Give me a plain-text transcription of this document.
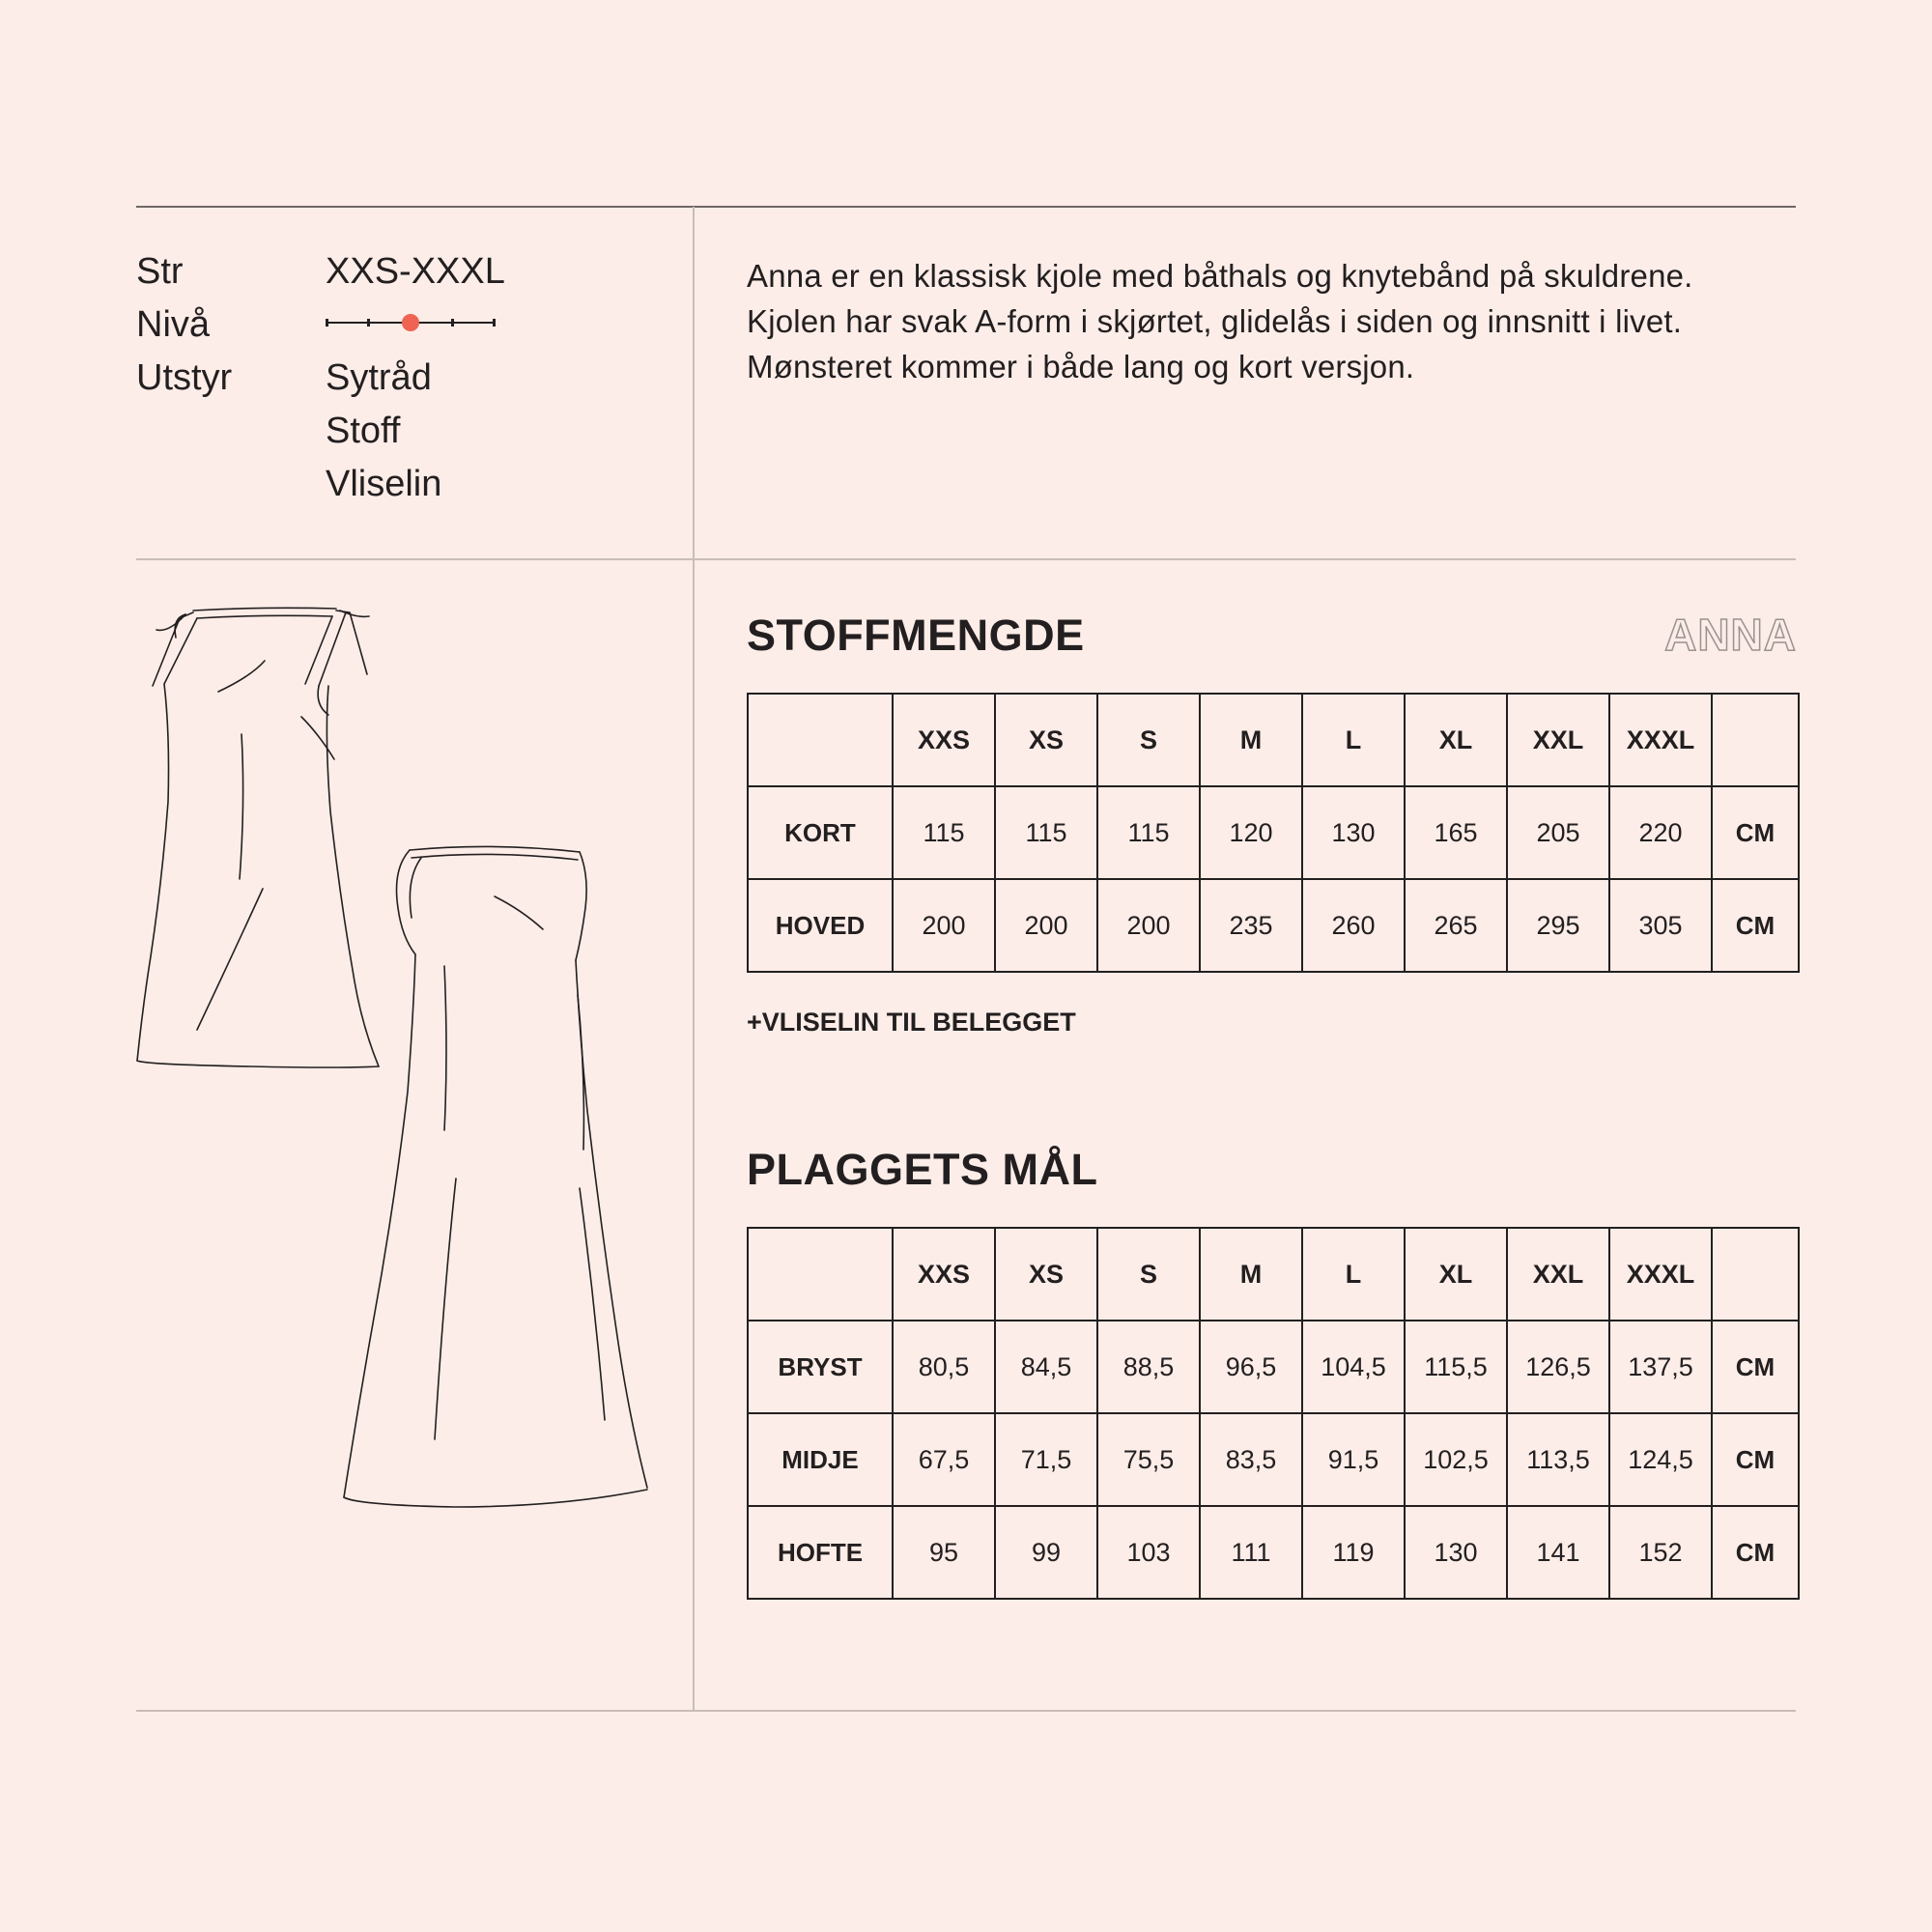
Str	XXS-XXXL
Nivå
Utstyr	Sytråd
Stoff
Vliselin

Anna er en klassisk kjole med båthals og knytebånd på skuldrene.

Kjolen har svak A-form i skjørtet, glidelås i siden og innsnitt i livet.

Mønsteret kommer i både lang og kort versjon.

STOFFMENGDE	ANNA
	XXS	XS	S	M	L	XL	XXL	XXXL	
KORT	115	115	115	120	130	165	205	220	CM
HOVED	200	200	200	235	260	265	295	305	CM
+VLISELIN TIL BELEGGET
PLAGGETS MÅL
	XXS	XS	S	M	L	XL	XXL	XXXL	
BRYST	80,5	84,5	88,5	96,5	104,5	115,5	126,5	137,5	CM
MIDJE	67,5	71,5	75,5	83,5	91,5	102,5	113,5	124,5	CM
HOFTE	95	99	103	111	119	130	141	152	CM
